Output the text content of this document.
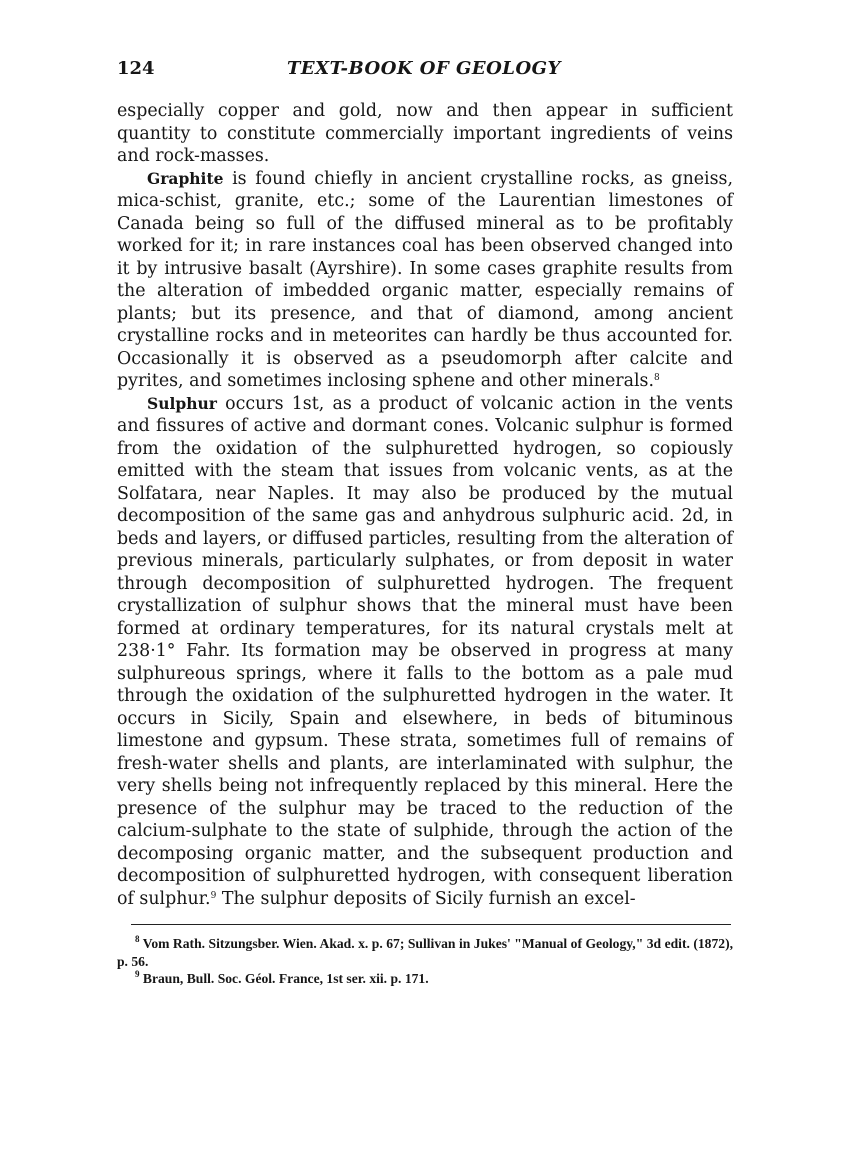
124	TEXT-BOOK OF GEOLOGY

especially copper and gold, now and then appear in sufficient quantity to constitute commercially important ingredients of veins and rock-masses.

Graphite is found chiefly in ancient crystalline rocks, as gneiss, mica-schist, granite, etc.; some of the Laurentian limestones of Canada being so full of the diffused mineral as to be profitably worked for it; in rare instances coal has been observed changed into it by intrusive basalt (Ayrshire). In some cases graphite results from the alteration of imbedded organic matter, especially remains of plants; but its presence, and that of diamond, among ancient crystalline rocks and in meteorites can hardly be thus accounted for. Occasionally it is observed as a pseudomorph after calcite and pyrites, and sometimes inclosing sphene and other minerals.$^8$

Sulphur occurs 1st, as a product of volcanic action in the vents and fissures of active and dormant cones. Volcanic sulphur is formed from the oxidation of the sulphuretted hydrogen, so copiously emitted with the steam that issues from volcanic vents, as at the Solfatara, near Naples. It may also be produced by the mutual decomposition of the same gas and anhydrous sulphuric acid. 2d, in beds and layers, or diffused particles, resulting from the alteration of previous minerals, particularly sulphates, or from deposit in water through decomposition of sulphuretted hydrogen. The frequent crystallization of sulphur shows that the mineral must have been formed at ordinary temperatures, for its natural crystals melt at 238·1° Fahr. Its formation may be observed in progress at many sulphureous springs, where it falls to the bottom as a pale mud through the oxidation of the sulphuretted hydrogen in the water. It occurs in Sicily, Spain and elsewhere, in beds of bituminous limestone and gypsum. These strata, sometimes full of remains of fresh-water shells and plants, are interlaminated with sulphur, the very shells being not infrequently replaced by this mineral. Here the presence of the sulphur may be traced to the reduction of the calcium-sulphate to the state of sulphide, through the action of the decomposing organic matter, and the subsequent production and decomposition of sulphuretted hydrogen, with consequent liberation of sulphur.$^9$ The sulphur deposits of Sicily furnish an excel-

$^8$ Vom Rath. Sitzungsber. Wien. Akad. x. p. 67; Sullivan in Jukes' "Manual of Geology," 3d edit. (1872), p. 56.

$^9$ Braun, Bull. Soc. Géol. France, 1st ser. xii. p. 171.
